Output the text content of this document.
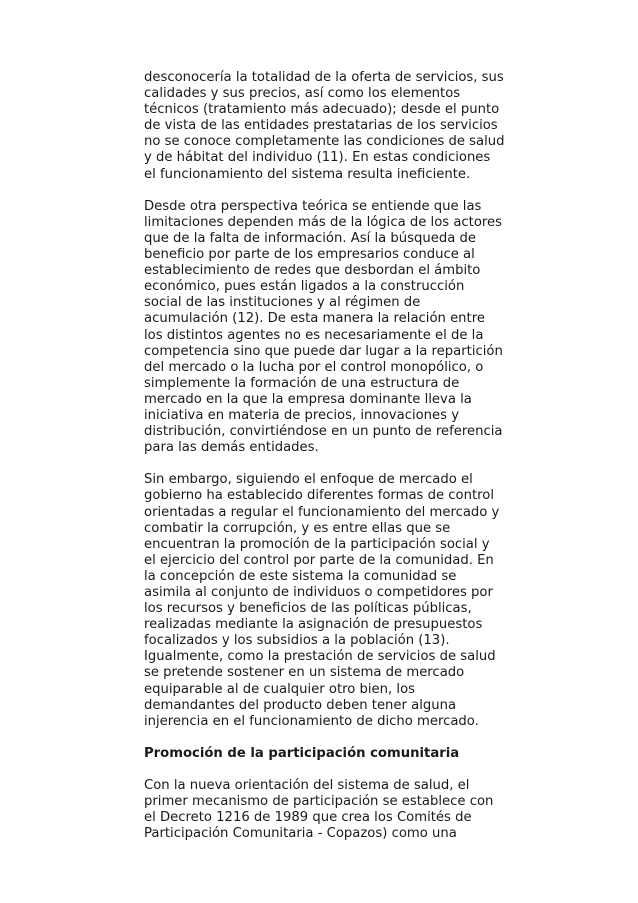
desconocería la totalidad de la oferta de servicios, sus
calidades y sus precios, así como los elementos
técnicos (tratamiento más adecuado); desde el punto
de vista de las entidades prestatarias de los servicios
no se conoce completamente las condiciones de salud
y de hábitat del individuo (11). En estas condiciones
el funcionamiento del sistema resulta ineficiente.
Desde otra perspectiva teórica se entiende que las
limitaciones dependen más de la lógica de los actores
que de la falta de información. Así la búsqueda de
beneficio por parte de los empresarios conduce al
establecimiento de redes que desbordan el ámbito
económico, pues están ligados a la construcción
social de las instituciones y al régimen de
acumulación (12). De esta manera la relación entre
los distintos agentes no es necesariamente el de la
competencia sino que puede dar lugar a la repartición
del mercado o la lucha por el control monopólico, o
simplemente la formación de una estructura de
mercado en la que la empresa dominante lleva la
iniciativa en materia de precios, innovaciones y
distribución, convirtiéndose en un punto de referencia
para las demás entidades.
Sin embargo, siguiendo el enfoque de mercado el
gobierno ha establecido diferentes formas de control
orientadas a regular el funcionamiento del mercado y
combatir la corrupción, y es entre ellas que se
encuentran la promoción de la participación social y
el ejercicio del control por parte de la comunidad. En
la concepción de este sistema la comunidad se
asimila al conjunto de individuos o competidores por
los recursos y beneficios de las políticas públicas,
realizadas mediante la asignación de presupuestos
focalizados y los subsidios a la población (13).
Igualmente, como la prestación de servicios de salud
se pretende sostener en un sistema de mercado
equiparable al de cualquier otro bien, los
demandantes del producto deben tener alguna
injerencia en el funcionamiento de dicho mercado.
Promoción de la participación comunitaria
Con la nueva orientación del sistema de salud, el
primer mecanismo de participación se establece con
el Decreto 1216 de 1989 que crea los Comités de
Participación Comunitaria - Copazos) como una
